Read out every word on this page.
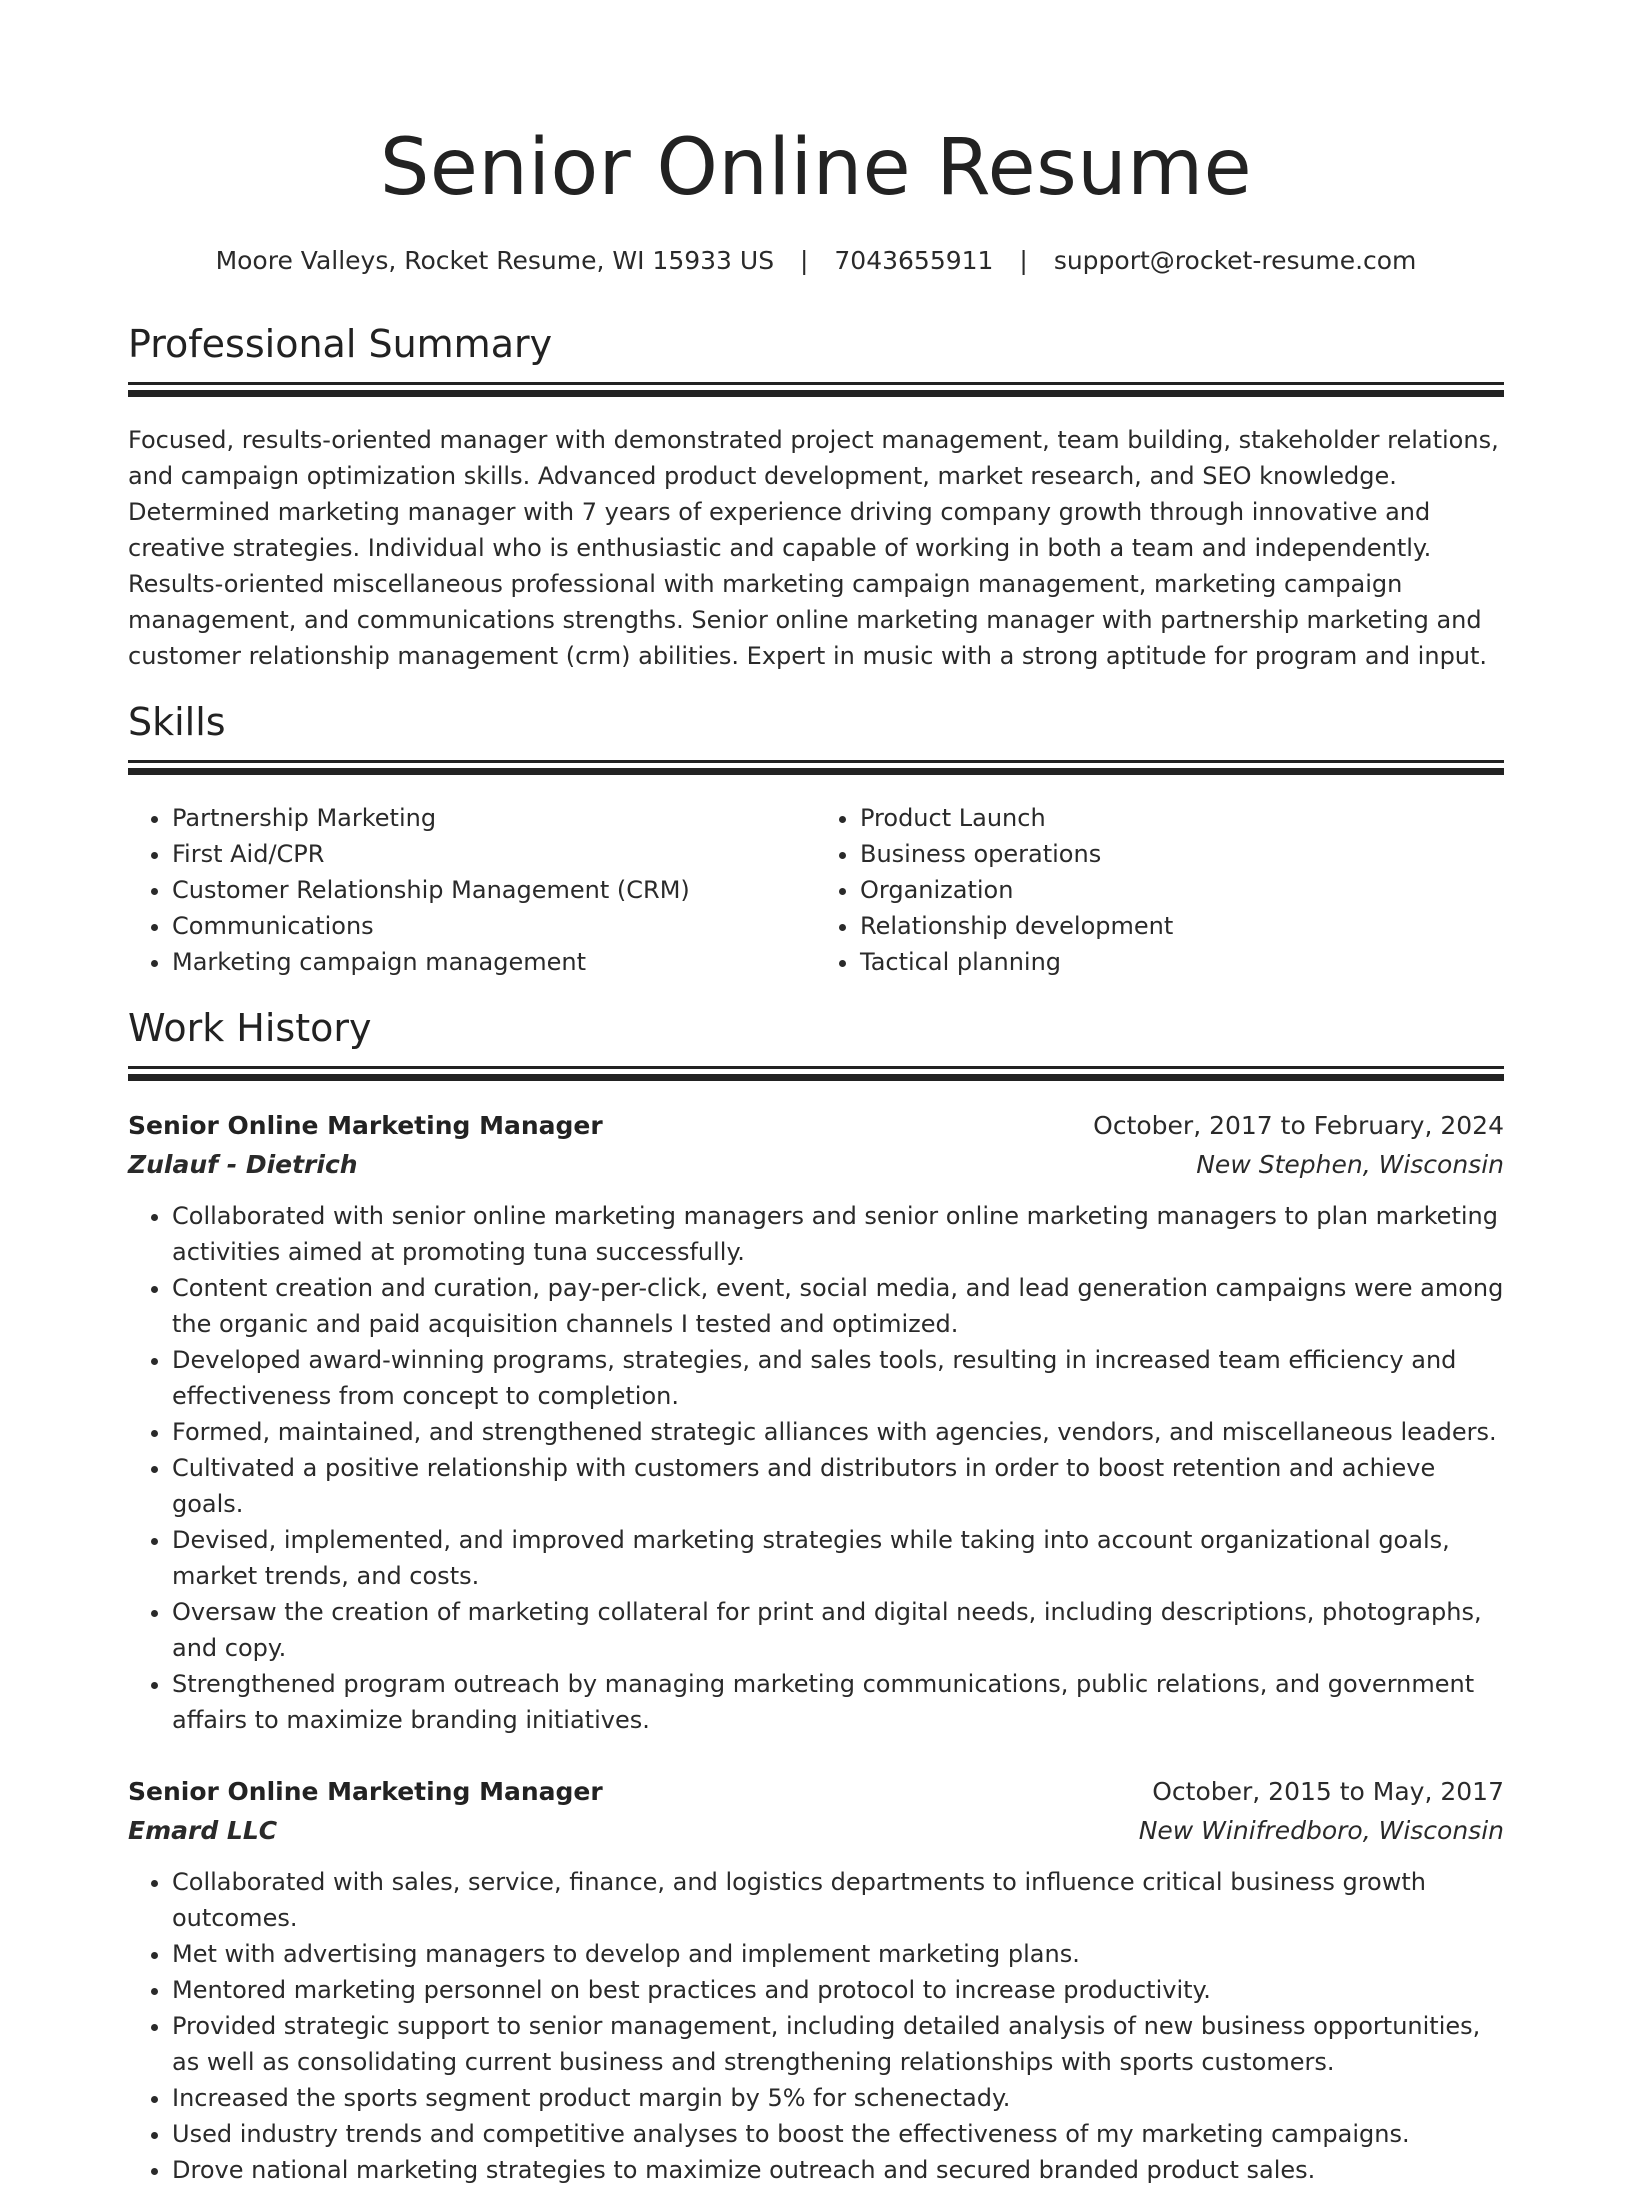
Senior Online Resume
Moore Valleys, Rocket Resume, WI 15933 US | 7043655911 | support@rocket-resume.com
Professional Summary

Focused, results-oriented manager with demonstrated project management, team building, stakeholder relations, and campaign optimization skills. Advanced product development, market research, and SEO knowledge. Determined marketing manager with 7 years of experience driving company growth through innovative and creative strategies. Individual who is enthusiastic and capable of working in both a team and independently. Results-oriented miscellaneous professional with marketing campaign management, marketing campaign management, and communications strengths. Senior online marketing manager with partnership marketing and customer relationship management (crm) abilities. Expert in music with a strong aptitude for program and input.

Skills
• Partnership Marketing
• First Aid/CPR
• Customer Relationship Management (CRM)
• Communications
• Marketing campaign management
• Product Launch
• Business operations
• Organization
• Relationship development
• Tactical planning
Work History
Senior Online Marketing Manager	October, 2017 to February, 2024
Zulauf - Dietrich	New Stephen, Wisconsin
• Collaborated with senior online marketing managers and senior online marketing managers to plan marketing activities aimed at promoting tuna successfully.
• Content creation and curation, pay-per-click, event, social media, and lead generation campaigns were among the organic and paid acquisition channels I tested and optimized.
• Developed award-winning programs, strategies, and sales tools, resulting in increased team efficiency and effectiveness from concept to completion.
• Formed, maintained, and strengthened strategic alliances with agencies, vendors, and miscellaneous leaders.
• Cultivated a positive relationship with customers and distributors in order to boost retention and achieve goals.
• Devised, implemented, and improved marketing strategies while taking into account organizational goals, market trends, and costs.
• Oversaw the creation of marketing collateral for print and digital needs, including descriptions, photographs, and copy.
• Strengthened program outreach by managing marketing communications, public relations, and government affairs to maximize branding initiatives.
Senior Online Marketing Manager	October, 2015 to May, 2017
Emard LLC	New Winifredboro, Wisconsin
• Collaborated with sales, service, finance, and logistics departments to influence critical business growth outcomes.
• Met with advertising managers to develop and implement marketing plans.
• Mentored marketing personnel on best practices and protocol to increase productivity.
• Provided strategic support to senior management, including detailed analysis of new business opportunities, as well as consolidating current business and strengthening relationships with sports customers.
• Increased the sports segment product margin by 5% for schenectady.
• Used industry trends and competitive analyses to boost the effectiveness of my marketing campaigns.
• Drove national marketing strategies to maximize outreach and secured branded product sales.
